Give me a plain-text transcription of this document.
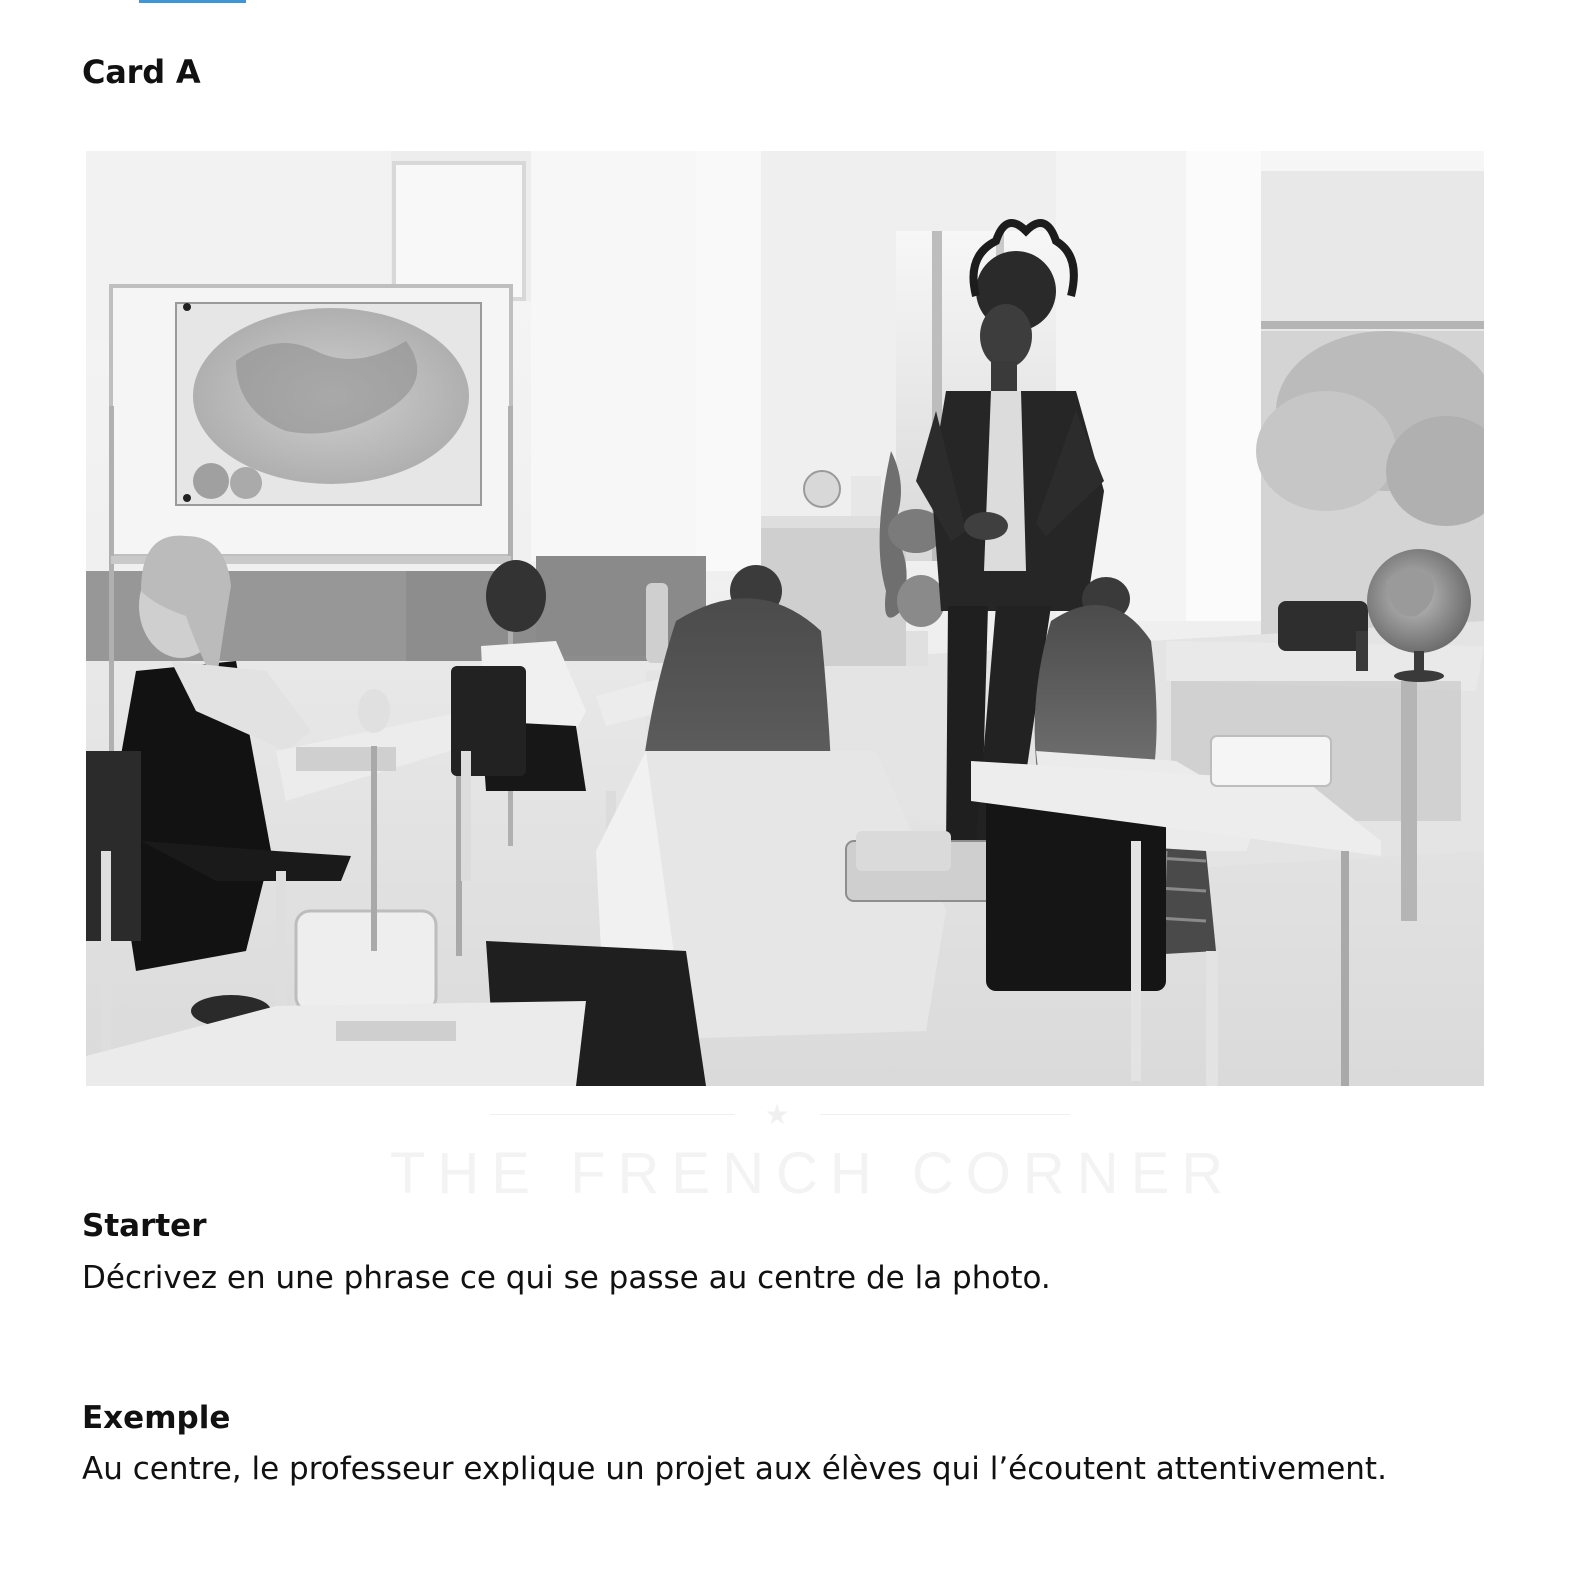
Card A
★
THE FRENCH CORNER
Starter
Décrivez en une phrase ce qui se passe au centre de la photo.
Exemple
Au centre, le professeur explique un projet aux élèves qui l’écoutent attentivement.
